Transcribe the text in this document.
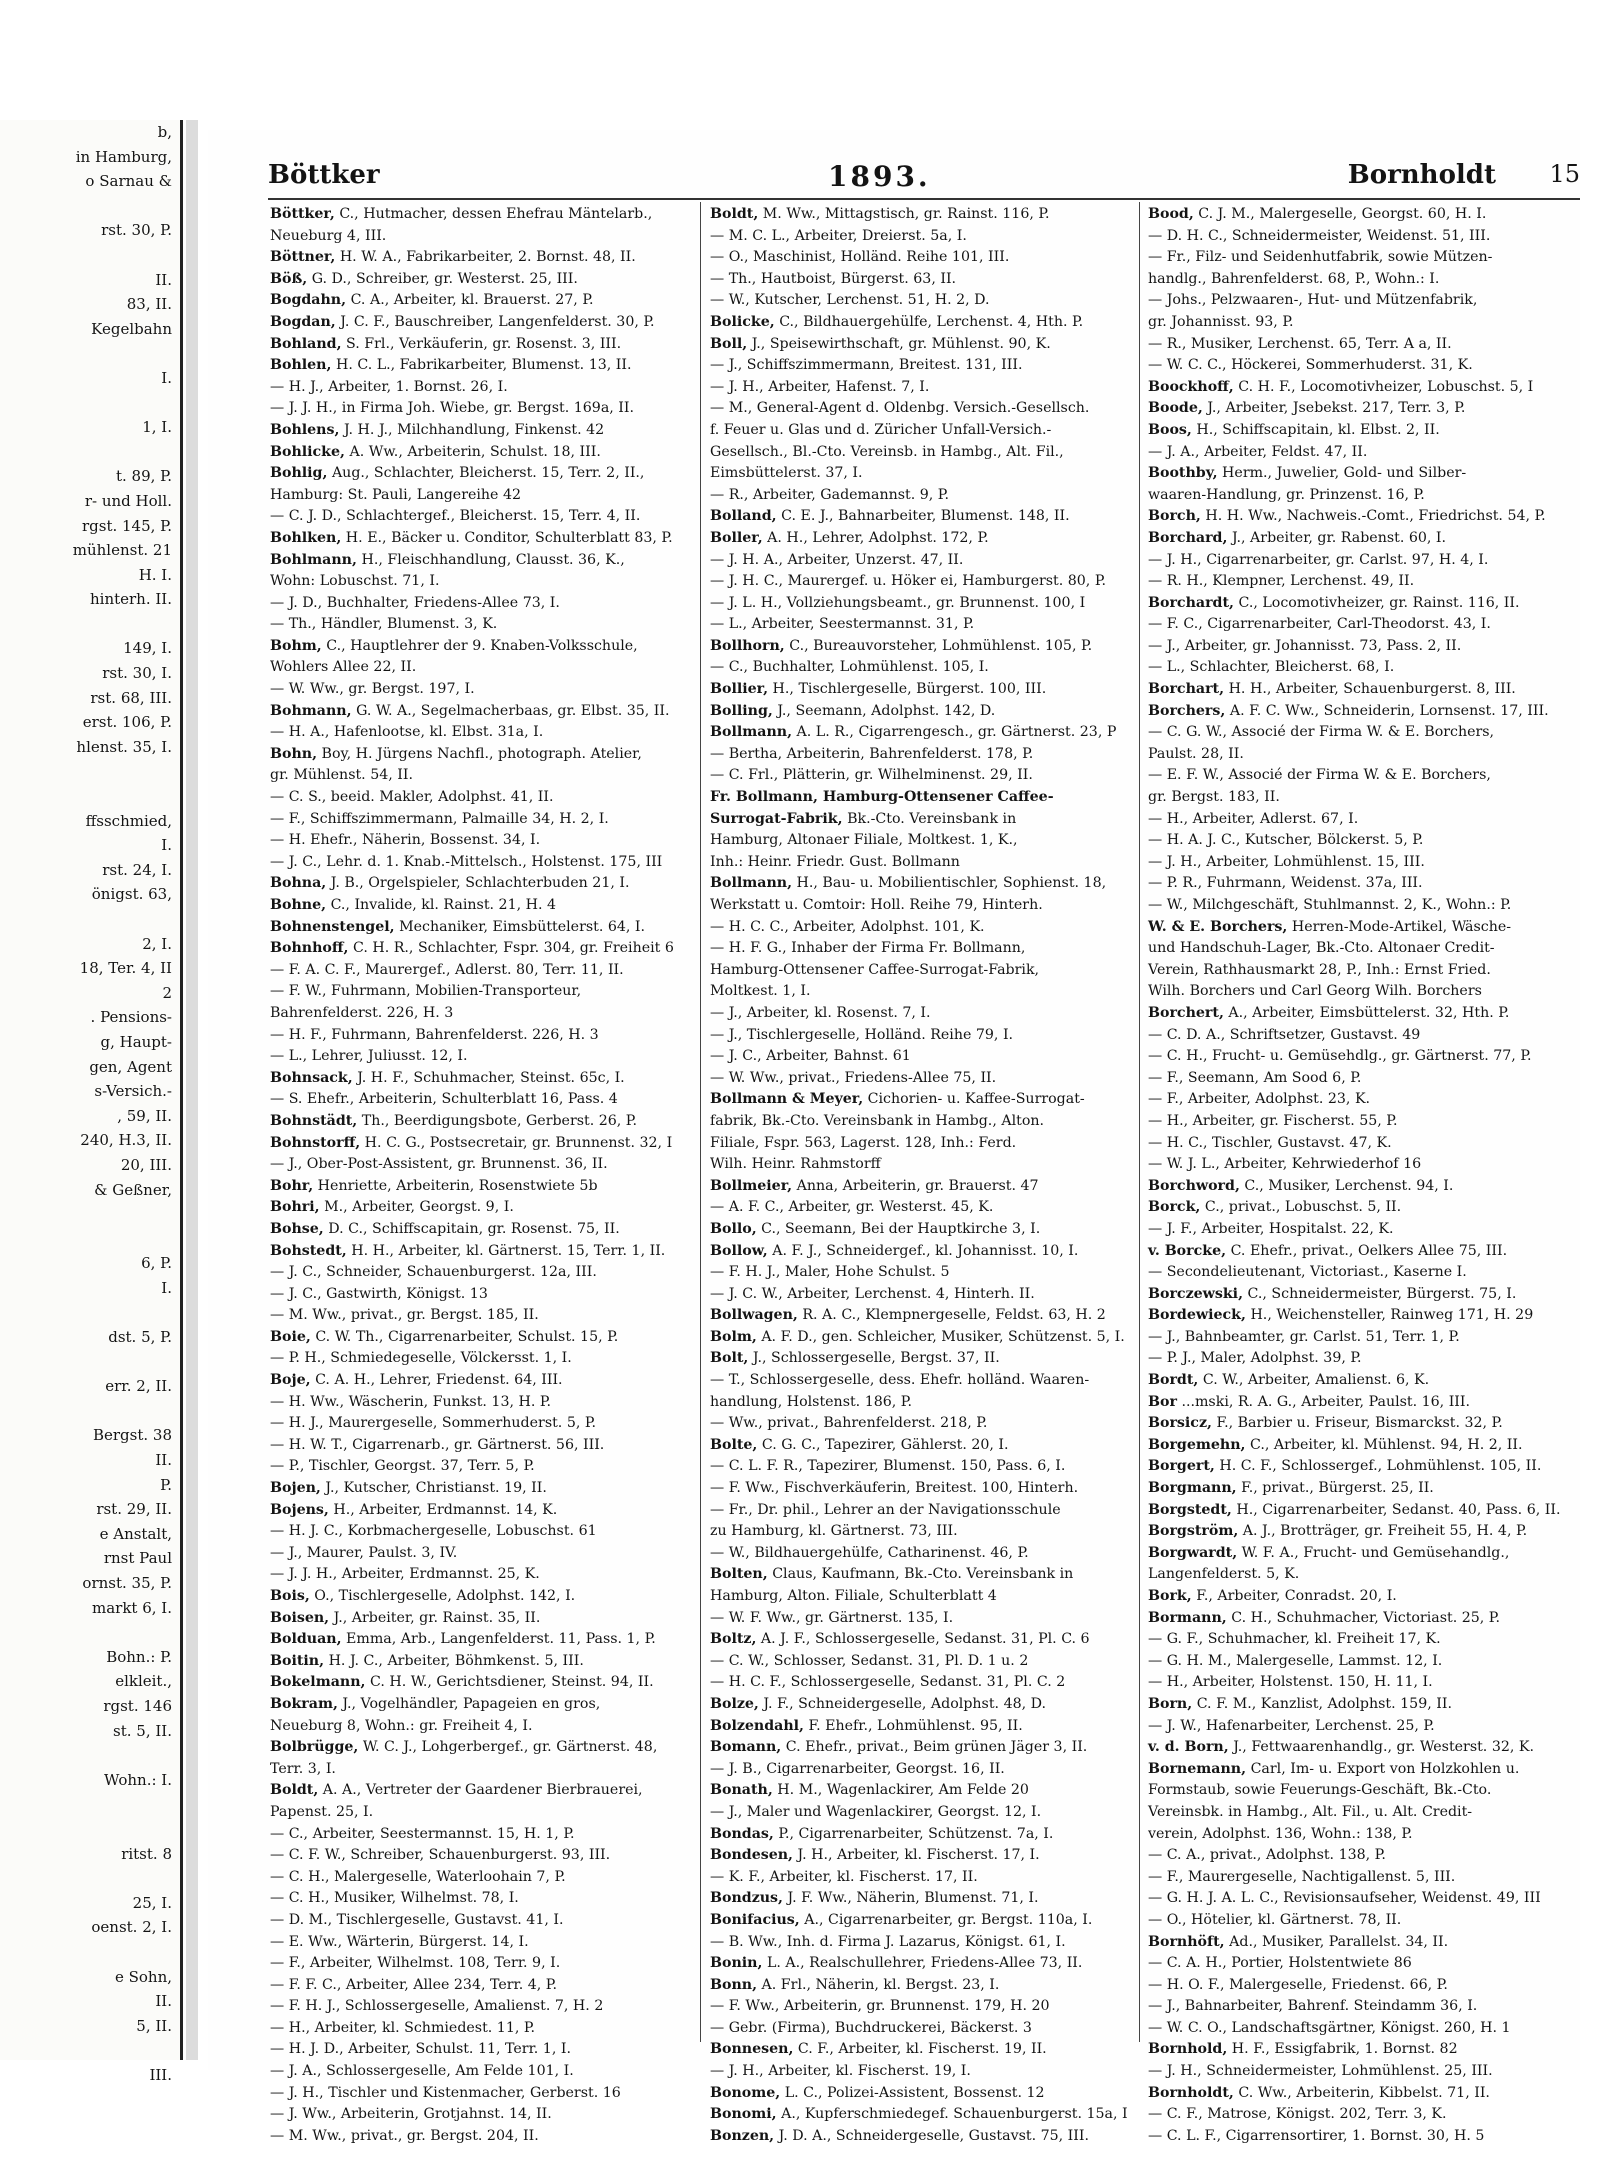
b,
in Hamburg,
o Sarnau &

rst. 30, P.

II.
83, II.
Kegelbahn

I.

1, I.

t. 89, P.
r- und Holl.
rgst. 145, P.
mühlenst. 21
H. I.
hinterh. II.

149, I.
rst. 30, I.
rst. 68, III.
erst. 106, P.
hlenst. 35, I.

ffsschmied,
I.
rst. 24, I.
önigst. 63,

2, I.
18, Ter. 4, II
2
. Pensions-
g, Haupt-
gen, Agent
s-Versich.-
, 59, II.
240, H.3, II.
20, III.
& Geßner,

6, P.
I.

dst. 5, P.

err. 2, II.

Bergst. 38
II.
P.
rst. 29, II.
e Anstalt,
rnst Paul
ornst. 35, P.
markt 6, I.

Bohn.: P.
elkleit.,
rgst. 146
st. 5, II.

Wohn.: I.

ritst. 8

25, I.
oenst. 2, I.

e Sohn,
II.
5, II.

III.
Böttker	1893.	Bornholdt 15
Böttker, C., Hutmacher, dessen Ehefrau Mäntelarb.,
Neueburg 4, III.
Böttner, H. W. A., Fabrikarbeiter, 2. Bornst. 48, II.
Böß, G. D., Schreiber, gr. Westerst. 25, III.
Bogdahn, C. A., Arbeiter, kl. Brauerst. 27, P.
Bogdan, J. C. F., Bauschreiber, Langenfelderst. 30, P.
Bohland, S. Frl., Verkäuferin, gr. Rosenst. 3, III.
Bohlen, H. C. L., Fabrikarbeiter, Blumenst. 13, II.
— H. J., Arbeiter, 1. Bornst. 26, I.
— J. J. H., in Firma Joh. Wiebe, gr. Bergst. 169a, II.
Bohlens, J. H. J., Milchhandlung, Finkenst. 42
Bohlicke, A. Ww., Arbeiterin, Schulst. 18, III.
Bohlig, Aug., Schlachter, Bleicherst. 15, Terr. 2, II.,
Hamburg: St. Pauli, Langereihe 42
— C. J. D., Schlachtergef., Bleicherst. 15, Terr. 4, II.
Bohlken, H. E., Bäcker u. Conditor, Schulterblatt 83, P.
Bohlmann, H., Fleischhandlung, Clausst. 36, K.,
Wohn: Lobuschst. 71, I.
— J. D., Buchhalter, Friedens-Allee 73, I.
— Th., Händler, Blumenst. 3, K.
Bohm, C., Hauptlehrer der 9. Knaben-Volksschule,
Wohlers Allee 22, II.
— W. Ww., gr. Bergst. 197, I.
Bohmann, G. W. A., Segelmacherbaas, gr. Elbst. 35, II.
— H. A., Hafenlootse, kl. Elbst. 31a, I.
Bohn, Boy, H. Jürgens Nachfl., photograph. Atelier,
gr. Mühlenst. 54, II.
— C. S., beeid. Makler, Adolphst. 41, II.
— F., Schiffszimmermann, Palmaille 34, H. 2, I.
— H. Ehefr., Näherin, Bossenst. 34, I.
— J. C., Lehr. d. 1. Knab.-Mittelsch., Holstenst. 175, III
Bohna, J. B., Orgelspieler, Schlachterbuden 21, I.
Bohne, C., Invalide, kl. Rainst. 21, H. 4
Bohnenstengel, Mechaniker, Eimsbüttelerst. 64, I.
Bohnhoff, C. H. R., Schlachter, Fspr. 304, gr. Freiheit 6
— F. A. C. F., Maurergef., Adlerst. 80, Terr. 11, II.
— F. W., Fuhrmann, Mobilien-Transporteur,
Bahrenfelderst. 226, H. 3
— H. F., Fuhrmann, Bahrenfelderst. 226, H. 3
— L., Lehrer, Juliusst. 12, I.
Bohnsack, J. H. F., Schuhmacher, Steinst. 65c, I.
— S. Ehefr., Arbeiterin, Schulterblatt 16, Pass. 4
Bohnstädt, Th., Beerdigungsbote, Gerberst. 26, P.
Bohnstorff, H. C. G., Postsecretair, gr. Brunnenst. 32, I
— J., Ober-Post-Assistent, gr. Brunnenst. 36, II.
Bohr, Henriette, Arbeiterin, Rosenstwiete 5b
Bohri, M., Arbeiter, Georgst. 9, I.
Bohse, D. C., Schiffscapitain, gr. Rosenst. 75, II.
Bohstedt, H. H., Arbeiter, kl. Gärtnerst. 15, Terr. 1, II.
— J. C., Schneider, Schauenburgerst. 12a, III.
— J. C., Gastwirth, Königst. 13
— M. Ww., privat., gr. Bergst. 185, II.
Boie, C. W. Th., Cigarrenarbeiter, Schulst. 15, P.
— P. H., Schmiedegeselle, Völckersst. 1, I.
Boje, C. A. H., Lehrer, Friedenst. 64, III.
— H. Ww., Wäscherin, Funkst. 13, H. P.
— H. J., Maurergeselle, Sommerhuderst. 5, P.
— H. W. T., Cigarrenarb., gr. Gärtnerst. 56, III.
— P., Tischler, Georgst. 37, Terr. 5, P.
Bojen, J., Kutscher, Christianst. 19, II.
Bojens, H., Arbeiter, Erdmannst. 14, K.
— H. J. C., Korbmachergeselle, Lobuschst. 61
— J., Maurer, Paulst. 3, IV.
— J. J. H., Arbeiter, Erdmannst. 25, K.
Bois, O., Tischlergeselle, Adolphst. 142, I.
Boisen, J., Arbeiter, gr. Rainst. 35, II.
Bolduan, Emma, Arb., Langenfelderst. 11, Pass. 1, P.
Boitin, H. J. C., Arbeiter, Böhmkenst. 5, III.
Bokelmann, C. H. W., Gerichtsdiener, Steinst. 94, II.
Bokram, J., Vogelhändler, Papageien en gros,
Neueburg 8, Wohn.: gr. Freiheit 4, I.
Bolbrügge, W. C. J., Lohgerbergef., gr. Gärtnerst. 48,
Terr. 3, I.
Boldt, A. A., Vertreter der Gaardener Bierbrauerei,
Papenst. 25, I.
— C., Arbeiter, Seestermannst. 15, H. 1, P.
— C. F. W., Schreiber, Schauenburgerst. 93, III.
— C. H., Malergeselle, Waterloohain 7, P.
— C. H., Musiker, Wilhelmst. 78, I.
— D. M., Tischlergeselle, Gustavst. 41, I.
— E. Ww., Wärterin, Bürgerst. 14, I.
— F., Arbeiter, Wilhelmst. 108, Terr. 9, I.
— F. F. C., Arbeiter, Allee 234, Terr. 4, P.
— F. H. J., Schlossergeselle, Amalienst. 7, H. 2
— H., Arbeiter, kl. Schmiedest. 11, P.
— H. J. D., Arbeiter, Schulst. 11, Terr. 1, I.
— J. A., Schlossergeselle, Am Felde 101, I.
— J. H., Tischler und Kistenmacher, Gerberst. 16
— J. Ww., Arbeiterin, Grotjahnst. 14, II.
— M. Ww., privat., gr. Bergst. 204, II.
Boldt, M. Ww., Mittagstisch, gr. Rainst. 116, P.
— M. C. L., Arbeiter, Dreierst. 5a, I.
— O., Maschinist, Holländ. Reihe 101, III.
— Th., Hautboist, Bürgerst. 63, II.
— W., Kutscher, Lerchenst. 51, H. 2, D.
Bolicke, C., Bildhauergehülfe, Lerchenst. 4, Hth. P.
Boll, J., Speisewirthschaft, gr. Mühlenst. 90, K.
— J., Schiffszimmermann, Breitest. 131, III.
— J. H., Arbeiter, Hafenst. 7, I.
— M., General-Agent d. Oldenbg. Versich.-Gesellsch.
f. Feuer u. Glas und d. Züricher Unfall-Versich.-
Gesellsch., Bl.-Cto. Vereinsb. in Hambg., Alt. Fil.,
Eimsbüttelerst. 37, I.
— R., Arbeiter, Gademannst. 9, P.
Bolland, C. E. J., Bahnarbeiter, Blumenst. 148, II.
Boller, A. H., Lehrer, Adolphst. 172, P.
— J. H. A., Arbeiter, Unzerst. 47, II.
— J. H. C., Maurergef. u. Höker ei, Hamburgerst. 80, P.
— J. L. H., Vollziehungsbeamt., gr. Brunnenst. 100, I
— L., Arbeiter, Seestermannst. 31, P.
Bollhorn, C., Bureauvorsteher, Lohmühlenst. 105, P.
— C., Buchhalter, Lohmühlenst. 105, I.
Bollier, H., Tischlergeselle, Bürgerst. 100, III.
Bolling, J., Seemann, Adolphst. 142, D.
Bollmann, A. L. R., Cigarrengesch., gr. Gärtnerst. 23, P
— Bertha, Arbeiterin, Bahrenfelderst. 178, P.
— C. Frl., Plätterin, gr. Wilhelminenst. 29, II.
Fr. Bollmann, Hamburg-Ottensener Caffee-
Surrogat-Fabrik, Bk.-Cto. Vereinsbank in
Hamburg, Altonaer Filiale, Moltkest. 1, K.,
Inh.: Heinr. Friedr. Gust. Bollmann
Bollmann, H., Bau- u. Mobilientischler, Sophienst. 18,
Werkstatt u. Comtoir: Holl. Reihe 79, Hinterh.
— H. C. C., Arbeiter, Adolphst. 101, K.
— H. F. G., Inhaber der Firma Fr. Bollmann,
Hamburg-Ottensener Caffee-Surrogat-Fabrik,
Moltkest. 1, I.
— J., Arbeiter, kl. Rosenst. 7, I.
— J., Tischlergeselle, Holländ. Reihe 79, I.
— J. C., Arbeiter, Bahnst. 61
— W. Ww., privat., Friedens-Allee 75, II.
Bollmann & Meyer, Cichorien- u. Kaffee-Surrogat-
fabrik, Bk.-Cto. Vereinsbank in Hambg., Alton.
Filiale, Fspr. 563, Lagerst. 128, Inh.: Ferd.
Wilh. Heinr. Rahmstorff
Bollmeier, Anna, Arbeiterin, gr. Brauerst. 47
— A. F. C., Arbeiter, gr. Westerst. 45, K.
Bollo, C., Seemann, Bei der Hauptkirche 3, I.
Bollow, A. F. J., Schneidergef., kl. Johannisst. 10, I.
— F. H. J., Maler, Hohe Schulst. 5
— J. C. W., Arbeiter, Lerchenst. 4, Hinterh. II.
Bollwagen, R. A. C., Klempnergeselle, Feldst. 63, H. 2
Bolm, A. F. D., gen. Schleicher, Musiker, Schützenst. 5, I.
Bolt, J., Schlossergeselle, Bergst. 37, II.
— T., Schlossergeselle, dess. Ehefr. holländ. Waaren-
handlung, Holstenst. 186, P.
— Ww., privat., Bahrenfelderst. 218, P.
Bolte, C. G. C., Tapezirer, Gählerst. 20, I.
— C. L. F. R., Tapezirer, Blumenst. 150, Pass. 6, I.
— F. Ww., Fischverkäuferin, Breitest. 100, Hinterh.
— Fr., Dr. phil., Lehrer an der Navigationsschule
zu Hamburg, kl. Gärtnerst. 73, III.
— W., Bildhauergehülfe, Catharinenst. 46, P.
Bolten, Claus, Kaufmann, Bk.-Cto. Vereinsbank in
Hamburg, Alton. Filiale, Schulterblatt 4
— W. F. Ww., gr. Gärtnerst. 135, I.
Boltz, A. J. F., Schlossergeselle, Sedanst. 31, Pl. C. 6
— C. W., Schlosser, Sedanst. 31, Pl. D. 1 u. 2
— H. C. F., Schlossergeselle, Sedanst. 31, Pl. C. 2
Bolze, J. F., Schneidergeselle, Adolphst. 48, D.
Bolzendahl, F. Ehefr., Lohmühlenst. 95, II.
Bomann, C. Ehefr., privat., Beim grünen Jäger 3, II.
— J. B., Cigarrenarbeiter, Georgst. 16, II.
Bonath, H. M., Wagenlackirer, Am Felde 20
— J., Maler und Wagenlackirer, Georgst. 12, I.
Bondas, P., Cigarrenarbeiter, Schützenst. 7a, I.
Bondesen, J. H., Arbeiter, kl. Fischerst. 17, I.
— K. F., Arbeiter, kl. Fischerst. 17, II.
Bondzus, J. F. Ww., Näherin, Blumenst. 71, I.
Bonifacius, A., Cigarrenarbeiter, gr. Bergst. 110a, I.
— B. Ww., Inh. d. Firma J. Lazarus, Königst. 61, I.
Bonin, L. A., Realschullehrer, Friedens-Allee 73, II.
Bonn, A. Frl., Näherin, kl. Bergst. 23, I.
— F. Ww., Arbeiterin, gr. Brunnenst. 179, H. 20
— Gebr. (Firma), Buchdruckerei, Bäckerst. 3
Bonnesen, C. F., Arbeiter, kl. Fischerst. 19, II.
— J. H., Arbeiter, kl. Fischerst. 19, I.
Bonome, L. C., Polizei-Assistent, Bossenst. 12
Bonomi, A., Kupferschmiedegef. Schauenburgerst. 15a, I
Bonzen, J. D. A., Schneidergeselle, Gustavst. 75, III.
Bood, C. J. M., Malergeselle, Georgst. 60, H. I.
— D. H. C., Schneidermeister, Weidenst. 51, III.
— Fr., Filz- und Seidenhutfabrik, sowie Mützen-
handlg., Bahrenfelderst. 68, P., Wohn.: I.
— Johs., Pelzwaaren-, Hut- und Mützenfabrik,
gr. Johannisst. 93, P.
— R., Musiker, Lerchenst. 65, Terr. A a, II.
— W. C. C., Höckerei, Sommerhuderst. 31, K.
Boockhoff, C. H. F., Locomotivheizer, Lobuschst. 5, I
Boode, J., Arbeiter, Jsebekst. 217, Terr. 3, P.
Boos, H., Schiffscapitain, kl. Elbst. 2, II.
— J. A., Arbeiter, Feldst. 47, II.
Boothby, Herm., Juwelier, Gold- und Silber-
waaren-Handlung, gr. Prinzenst. 16, P.
Borch, H. H. Ww., Nachweis.-Comt., Friedrichst. 54, P.
Borchard, J., Arbeiter, gr. Rabenst. 60, I.
— J. H., Cigarrenarbeiter, gr. Carlst. 97, H. 4, I.
— R. H., Klempner, Lerchenst. 49, II.
Borchardt, C., Locomotivheizer, gr. Rainst. 116, II.
— F. C., Cigarrenarbeiter, Carl-Theodorst. 43, I.
— J., Arbeiter, gr. Johannisst. 73, Pass. 2, II.
— L., Schlachter, Bleicherst. 68, I.
Borchart, H. H., Arbeiter, Schauenburgerst. 8, III.
Borchers, A. F. C. Ww., Schneiderin, Lornsenst. 17, III.
— C. G. W., Associé der Firma W. & E. Borchers,
Paulst. 28, II.
— E. F. W., Associé der Firma W. & E. Borchers,
gr. Bergst. 183, II.
— H., Arbeiter, Adlerst. 67, I.
— H. A. J. C., Kutscher, Bölckerst. 5, P.
— J. H., Arbeiter, Lohmühlenst. 15, III.
— P. R., Fuhrmann, Weidenst. 37a, III.
— W., Milchgeschäft, Stuhlmannst. 2, K., Wohn.: P.
W. & E. Borchers, Herren-Mode-Artikel, Wäsche-
und Handschuh-Lager, Bk.-Cto. Altonaer Credit-
Verein, Rathhausmarkt 28, P., Inh.: Ernst Fried.
Wilh. Borchers und Carl Georg Wilh. Borchers
Borchert, A., Arbeiter, Eimsbüttelerst. 32, Hth. P.
— C. D. A., Schriftsetzer, Gustavst. 49
— C. H., Frucht- u. Gemüsehdlg., gr. Gärtnerst. 77, P.
— F., Seemann, Am Sood 6, P.
— F., Arbeiter, Adolphst. 23, K.
— H., Arbeiter, gr. Fischerst. 55, P.
— H. C., Tischler, Gustavst. 47, K.
— W. J. L., Arbeiter, Kehrwiederhof 16
Borchword, C., Musiker, Lerchenst. 94, I.
Borck, C., privat., Lobuschst. 5, II.
— J. F., Arbeiter, Hospitalst. 22, K.
v. Borcke, C. Ehefr., privat., Oelkers Allee 75, III.
— Secondelieutenant, Victoriast., Kaserne I.
Borczewski, C., Schneidermeister, Bürgerst. 75, I.
Bordewieck, H., Weichensteller, Rainweg 171, H. 29
— J., Bahnbeamter, gr. Carlst. 51, Terr. 1, P.
— P. J., Maler, Adolphst. 39, P.
Bordt, C. W., Arbeiter, Amalienst. 6, K.
Bor ...mski, R. A. G., Arbeiter, Paulst. 16, III.
Borsicz, F., Barbier u. Friseur, Bismarckst. 32, P.
Borgemehn, C., Arbeiter, kl. Mühlenst. 94, H. 2, II.
Borgert, H. C. F., Schlossergef., Lohmühlenst. 105, II.
Borgmann, F., privat., Bürgerst. 25, II.
Borgstedt, H., Cigarrenarbeiter, Sedanst. 40, Pass. 6, II.
Borgström, A. J., Brotträger, gr. Freiheit 55, H. 4, P.
Borgwardt, W. F. A., Frucht- und Gemüsehandlg.,
Langenfelderst. 5, K.
Bork, F., Arbeiter, Conradst. 20, I.
Bormann, C. H., Schuhmacher, Victoriast. 25, P.
— G. F., Schuhmacher, kl. Freiheit 17, K.
— G. H. M., Malergeselle, Lammst. 12, I.
— H., Arbeiter, Holstenst. 150, H. 11, I.
Born, C. F. M., Kanzlist, Adolphst. 159, II.
— J. W., Hafenarbeiter, Lerchenst. 25, P.
v. d. Born, J., Fettwaarenhandlg., gr. Westerst. 32, K.
Bornemann, Carl, Im- u. Export von Holzkohlen u.
Formstaub, sowie Feuerungs-Geschäft, Bk.-Cto.
Vereinsbk. in Hambg., Alt. Fil., u. Alt. Credit-
verein, Adolphst. 136, Wohn.: 138, P.
— C. A., privat., Adolphst. 138, P.
— F., Maurergeselle, Nachtigallenst. 5, III.
— G. H. J. A. L. C., Revisionsaufseher, Weidenst. 49, III
— O., Hötelier, kl. Gärtnerst. 78, II.
Bornhöft, Ad., Musiker, Parallelst. 34, II.
— C. A. H., Portier, Holstentwiete 86
— H. O. F., Malergeselle, Friedenst. 66, P.
— J., Bahnarbeiter, Bahrenf. Steindamm 36, I.
— W. C. O., Landschaftsgärtner, Königst. 260, H. 1
Bornhold, H. F., Essigfabrik, 1. Bornst. 82
— J. H., Schneidermeister, Lohmühlenst. 25, III.
Bornholdt, C. Ww., Arbeiterin, Kibbelst. 71, II.
— C. F., Matrose, Königst. 202, Terr. 3, K.
— C. L. F., Cigarrensortirer, 1. Bornst. 30, H. 5
